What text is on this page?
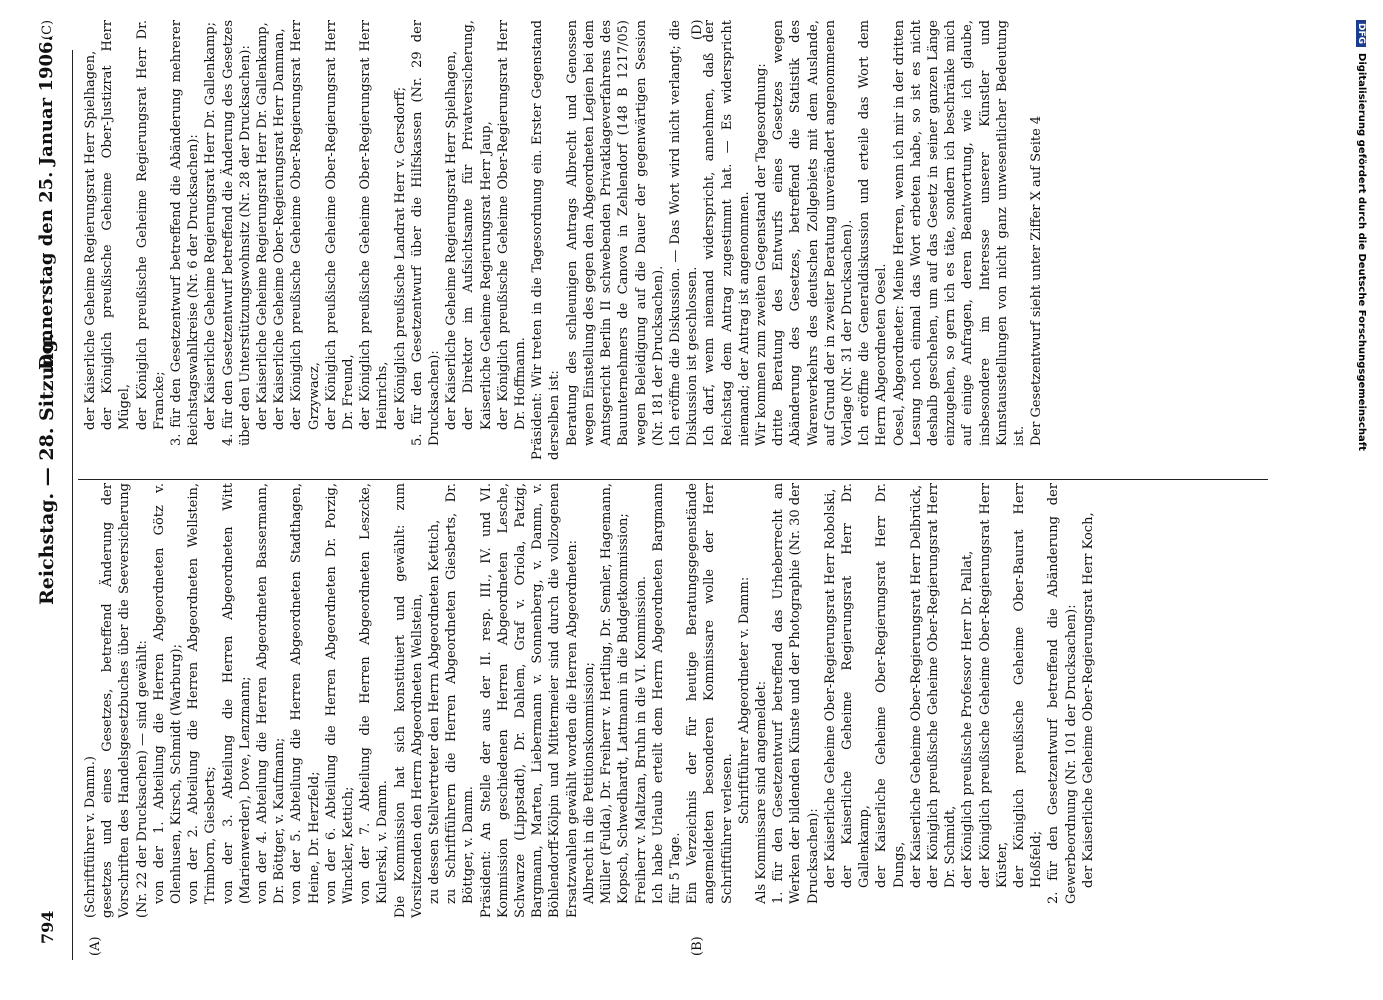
794
Reichstag. — 28. Sitzung.
Donnerstag den 25. Januar 1906.
(A)	(B)
(C)	(D)

(Schriftführer v. Damm.) gesetzes und eines Gesetzes, betreffend Änderung der Vorschriften des Handelsgesetzbuches über die Seeversicherung (Nr. 22 der Drucksachen) — sind gewählt: von der 1. Abteilung die Herren Abgeordneten Götz v. Olenhusen, Kirsch, Schmidt (Warburg); von der 2. Abteilung die Herren Abgeordneten Wellstein, Trimborn, Giesberts; von der 3. Abteilung die Herren Abgeordneten Witt (Marienwerder), Dove, Lenzmann; von der 4. Abteilung die Herren Abgeordneten Bassermann, Dr. Böttger, v. Kaufmann; von der 5. Abteilung die Herren Abgeordneten Stadthagen, Heine, Dr. Herzfeld; von der 6. Abteilung die Herren Abgeordneten Dr. Porzig, Winckler, Kettich; von der 7. Abteilung die Herren Abgeordneten Leszcke, Kulerski, v. Damm. Die Kommission hat sich konstituiert und gewählt: zum Vorsitzenden den Herrn Abgeordneten Wellstein, zu dessen Stellvertreter den Herrn Abgeordneten Kettich, zu Schriftführern die Herren Abgeordneten Giesberts, Dr. Böttger, v. Damm. Präsident: An Stelle der aus der II. resp. III., IV. und VI. Kommission geschiedenen Herren Abgeordneten Lesche, Schwarze (Lippstadt), Dr. Dahlem, Graf v. Oriola, Patzig, Bargmann, Marten, Liebermann v. Sonnenberg, v. Damm, v. Böhlendorff-Kölpin und Mittermeier sind durch die vollzogenen Ersatzwahlen gewählt worden die Herren Abgeordneten: Albrecht in die Petitionskommission; Müller (Fulda), Dr. Freiherr v. Hertling, Dr. Semler, Hagemann, Kopsch, Schwedhardt, Lattmann in die Budgetkommission; Freiherr v. Maltzan, Bruhn in die VI. Kommission. Ich habe Urlaub erteilt dem Herrn Abgeordneten Bargmann für 5 Tage. Ein Verzeichnis der für heutige Beratungsgegenstände angemeldeten besonderen Kommissare wolle der Herr Schriftführer verlesen.

Schriftführer Abgeordneter v. Damm: Als Kommissare sind angemeldet: 1. für den Gesetzentwurf betreffend das Urheberrecht an Werken der bildenden Künste und der Photographie (Nr. 30 der Drucksachen): der Kaiserliche Geheime Ober-Regierungsrat Herr Robolski, der Kaiserliche Geheime Regierungsrat Herr Dr. Gallenkamp, der Kaiserliche Geheime Ober-Regierungsrat Herr Dr. Dungs, der Kaiserliche Geheime Ober-Regierungsrat Herr Delbrück, der Königlich preußische Geheime Ober-Regierungsrat Herr Dr. Schmidt, der Königlich preußische Professor Herr Dr. Pallat, der Königlich preußische Geheime Ober-Regierungsrat Herr Küster, der Königlich preußische Geheime Ober-Baurat Herr Hoßfeld; 2. für den Gesetzentwurf betreffend die Abänderung der Gewerbeordnung (Nr. 101 der Drucksachen): der Kaiserliche Geheime Ober-Regierungsrat Herr Koch,

der Kaiserliche Geheime Regierungsrat Herr Spielhagen, der Königlich preußische Geheime Ober-Justizrat Herr Mügel, der Königlich preußische Geheime Regierungsrat Herr Dr. Francke; 3. für den Gesetzentwurf betreffend die Abänderung mehrerer Reichstagswahlkreise (Nr. 6 der Drucksachen): der Kaiserliche Geheime Regierungsrat Herr Dr. Gallenkamp; 4. für den Gesetzentwurf betreffend die Änderung des Gesetzes über den Unterstützungswohnsitz (Nr. 28 der Drucksachen): der Kaiserliche Geheime Regierungsrat Herr Dr. Gallenkamp, der Kaiserliche Geheime Ober-Regierungsrat Herr Damman, der Königlich preußische Geheime Ober-Regierungsrat Herr Grzywacz, der Königlich preußische Geheime Ober-Regierungsrat Herr Dr. Freund, der Königlich preußische Geheime Ober-Regierungsrat Herr Heinrichs, der Königlich preußische Landrat Herr v. Gersdorff; 5. für den Gesetzentwurf über die Hilfskassen (Nr. 29 der Drucksachen): der Kaiserliche Geheime Regierungsrat Herr Spielhagen, der Direktor im Aufsichtsamte für Privatversicherung, Kaiserliche Geheime Regierungsrat Herr Jaup, der Königlich preußische Geheime Ober-Regierungsrat Herr Dr. Hoffmann. Präsident: Wir treten in die Tagesordnung ein. Erster Gegenstand derselben ist: Beratung des schleunigen Antrags Albrecht und Genossen wegen Einstellung des gegen den Abgeordneten Legien bei dem Amtsgericht Berlin II schwebenden Privatklageverfahrens des Bauunternehmers de Canova in Zehlendorf (148 B 1217/05) wegen Beleidigung auf die Dauer der gegenwärtigen Session (Nr. 181 der Drucksachen). Ich eröffne die Diskussion. — Das Wort wird nicht verlangt; die Diskussion ist geschlossen. Ich darf, wenn niemand widerspricht, annehmen, daß der Reichstag dem Antrag zugestimmt hat. — Es widerspricht niemand; der Antrag ist angenommen. Wir kommen zum zweiten Gegenstand der Tagesordnung: dritte Beratung des Entwurfs eines Gesetzes wegen Abänderung des Gesetzes, betreffend die Statistik des Warenverkehrs des deutschen Zollgebiets mit dem Auslande, auf Grund der in zweiter Beratung unverändert angenommenen Vorlage (Nr. 31 der Drucksachen). Ich eröffne die Generaldiskussion und erteile das Wort dem Herrn Abgeordneten Oesel. Oesel, Abgeordneter: Meine Herren, wenn ich mir in der dritten Lesung noch einmal das Wort erbeten habe, so ist es nicht deshalb geschehen, um auf das Gesetz in seiner ganzen Länge einzugehen, so gern ich es täte, sondern ich beschränke mich auf einige Anfragen, deren Beantwortung, wie ich glaube, insbesondere im Interesse unserer Künstler und Kunstausstellungen von nicht ganz unwesentlicher Bedeutung ist. Der Gesetzentwurf sieht unter Ziffer X auf Seite 4

DFGDigitalisierung gefördert durch die Deutsche Forschungsgemeinschaft
